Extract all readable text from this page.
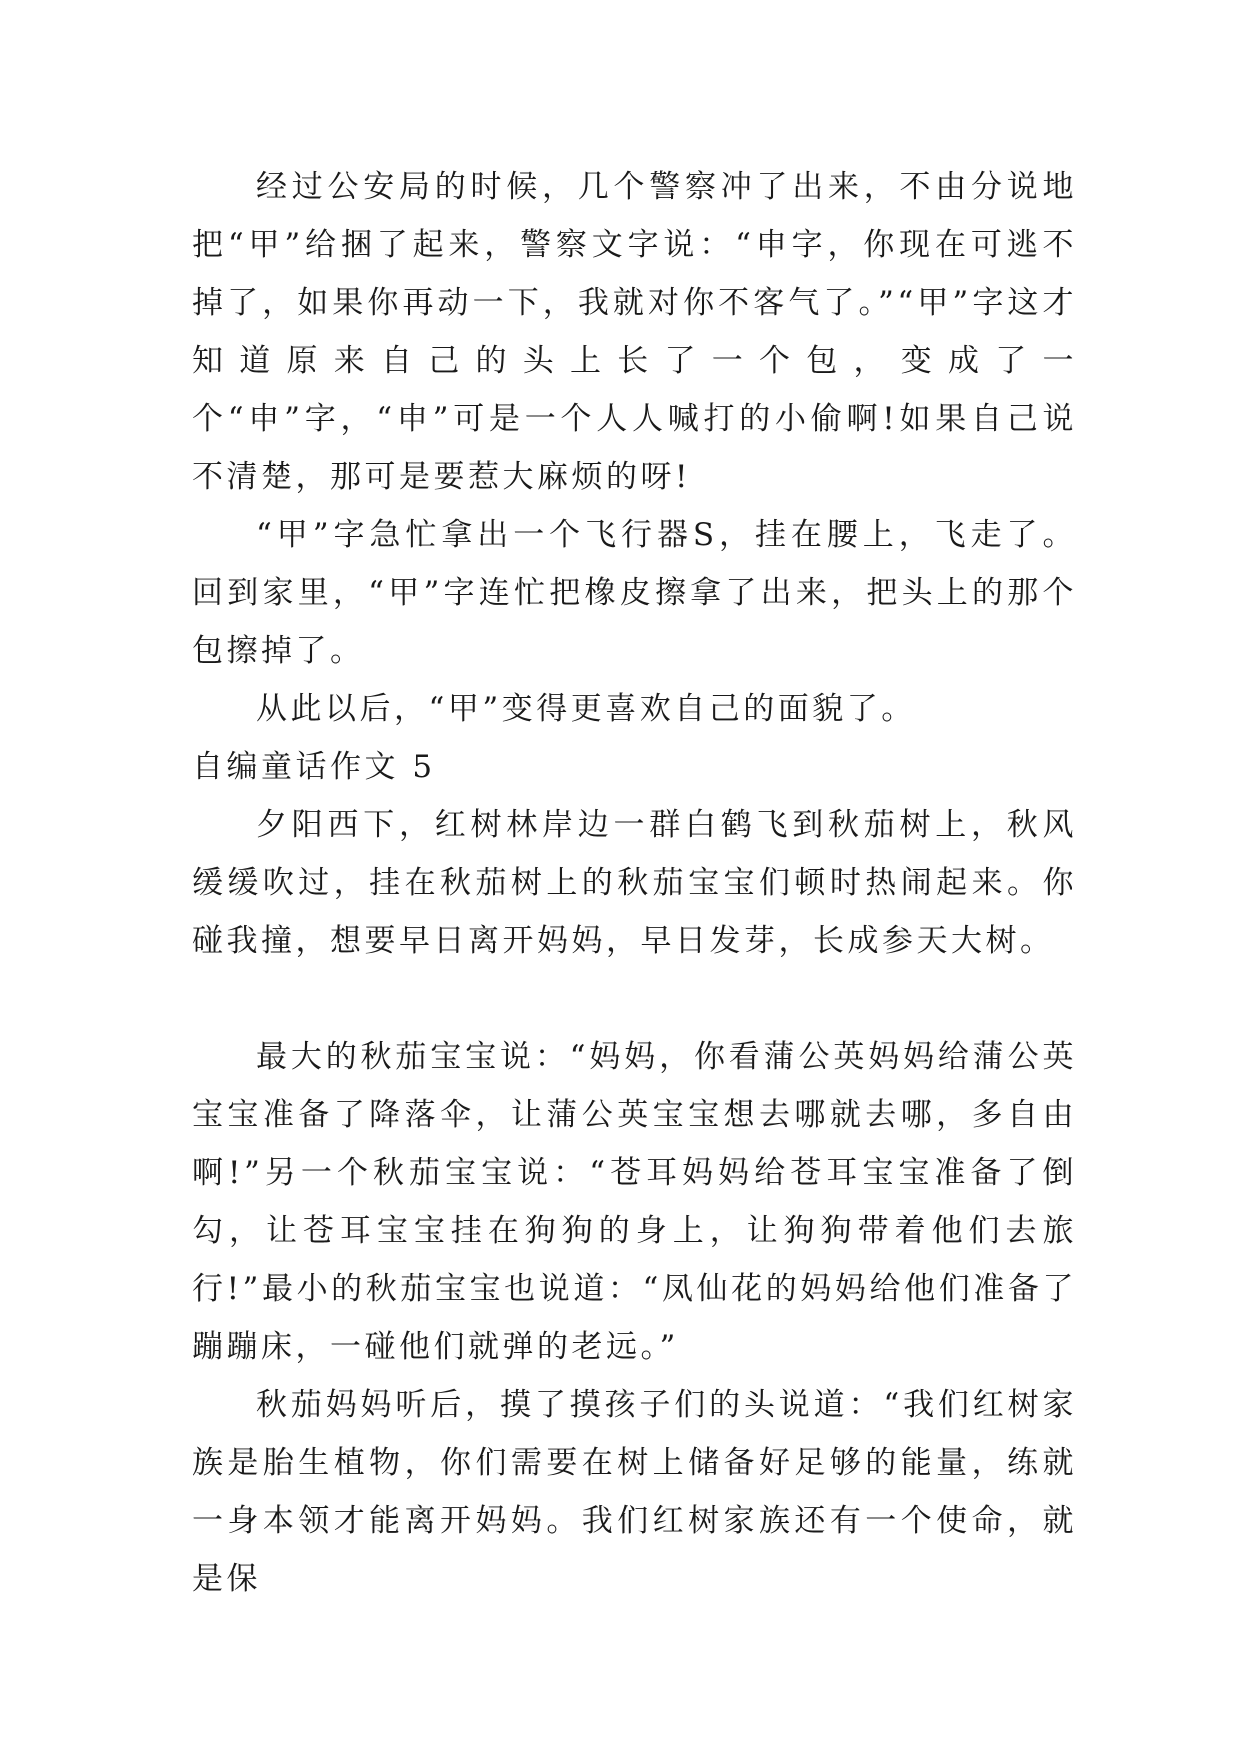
经过公安局的时候，几个警察冲了出来，不由分说地把“甲”给捆了起来，警察文字说：“申字，你现在可逃不掉了，如果你再动一下，我就对你不客气了。”“甲”字这才知道原来自己的头上长了一个包，变成了一个“申”字，“申”可是一个人人喊打的小偷啊!如果自己说不清楚，那可是要惹大麻烦的呀!

“甲”字急忙拿出一个飞行器S，挂在腰上，飞走了。回到家里，“甲”字连忙把橡皮擦拿了出来，把头上的那个包擦掉了。

从此以后，“甲”变得更喜欢自己的面貌了。

自编童话作文 5

夕阳西下，红树林岸边一群白鹤飞到秋茄树上，秋风缓缓吹过，挂在秋茄树上的秋茄宝宝们顿时热闹起来。你碰我撞，想要早日离开妈妈，早日发芽，长成参天大树。

最大的秋茄宝宝说：“妈妈，你看蒲公英妈妈给蒲公英宝宝准备了降落伞，让蒲公英宝宝想去哪就去哪，多自由啊!”另一个秋茄宝宝说：“苍耳妈妈给苍耳宝宝准备了倒勾，让苍耳宝宝挂在狗狗的身上，让狗狗带着他们去旅行!”最小的秋茄宝宝也说道：“凤仙花的妈妈给他们准备了蹦蹦床，一碰他们就弹的老远。”

秋茄妈妈听后，摸了摸孩子们的头说道：“我们红树家族是胎生植物，你们需要在树上储备好足够的能量，练就一身本领才能离开妈妈。我们红树家族还有一个使命，就是保
